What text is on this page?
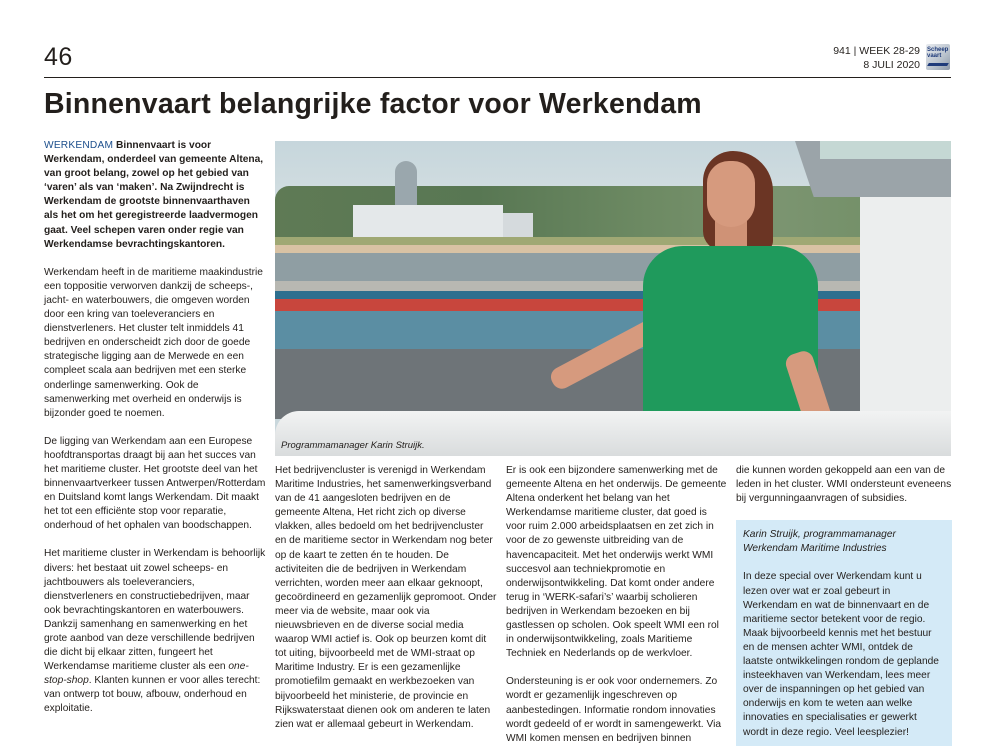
46	941 | WEEK 28-29
8 JULI 2020
Scheep vaart
Binnenvaart belangrijke factor voor Werkendam

WERKENDAM Binnenvaart is voor Werkendam, onderdeel van gemeente Altena, van groot belang, zowel op het gebied van ‘varen’ als van ‘maken’. Na Zwijndrecht is Werkendam de grootste binnenvaarthaven als het om het geregistreerde laadvermogen gaat. Veel schepen varen onder regie van Werkendamse bevrachtingskantoren.

Werkendam heeft in de maritieme maakindustrie een toppositie verworven dankzij de scheeps-, jacht- en waterbouwers, die omgeven worden door een kring van toeleveranciers en dienstverleners. Het cluster telt inmiddels 41 bedrijven en onderscheidt zich door de goede strategische ligging aan de Merwede en een compleet scala aan bedrijven met een sterke onderlinge samenwerking. Ook de samenwerking met overheid en onderwijs is bijzonder goed te noemen.

De ligging van Werkendam aan een Europese hoofdtransportas draagt bij aan het succes van het maritieme cluster. Het grootste deel van het binnenvaartverkeer tussen Antwerpen/Rotterdam en Duitsland komt langs Werkendam. Dit maakt het tot een efficiënte stop voor reparatie, onderhoud of het ophalen van boodschappen.

Het maritieme cluster in Werkendam is behoorlijk divers: het bestaat uit zowel scheeps- en jachtbouwers als toeleveranciers, dienstverleners en constructiebedrijven, maar ook bevrachtingskantoren en waterbouwers. Dankzij samenhang en samenwerking en het grote aanbod van deze verschillende bedrijven die dicht bij elkaar zitten, fungeert het Werkendamse maritieme cluster als een one-stop-shop. Klanten kunnen er voor alles terecht: van ontwerp tot bouw, afbouw, onderhoud en exploitatie.

Programmamanager Karin Struijk.

Het bedrijvencluster is verenigd in Werkendam Maritime Industries, het samenwerkingsverband van de 41 aangesloten bedrijven en de gemeente Altena, Het richt zich op diverse vlakken, alles bedoeld om het bedrijvencluster en de maritieme sector in Werkendam nog beter op de kaart te zetten én te houden. De activiteiten die de bedrijven in Werkendam verrichten, worden meer aan elkaar geknoopt, gecoördineerd en gezamenlijk gepromoot. Onder meer via de website, maar ook via nieuwsbrieven en de diverse social media waarop WMI actief is. Ook op beurzen komt dit tot uiting, bijvoorbeeld met de WMI-straat op Maritime Industry. Er is een gezamenlijke promotiefilm gemaakt en werkbezoeken van bijvoorbeeld het ministerie, de provincie en Rijkswaterstaat dienen ook om anderen te laten zien wat er allemaal gebeurt in Werkendam.

Er is ook een bijzondere samenwerking met de gemeente Altena en het onderwijs. De gemeente Altena onderkent het belang van het Werkendamse maritieme cluster, dat goed is voor ruim 2.000 arbeidsplaatsen en zet zich in voor de zo gewenste uitbreiding van de havencapaciteit. Met het onderwijs werkt WMI succesvol aan techniekpromotie en onderwijsontwikkeling. Dat komt onder andere terug in ‘WERK-safari’s’ waarbij scholieren bedrijven in Werkendam bezoeken en bij gastlessen op scholen. Ook speelt WMI een rol in onderwijsontwikkeling, zoals Maritieme Techniek en Nederlands op de werkvloer.

Ondersteuning is er ook voor ondernemers. Zo wordt er gezamenlijk ingeschreven op aanbestedingen. Informatie rondom innovaties wordt gedeeld of er wordt in samengewerkt. Via WMI komen mensen en bedrijven binnen

die kunnen worden gekoppeld aan een van de leden in het cluster. WMI ondersteunt eveneens bij vergunningaanvragen of subsidies.

Karin Struijk, programmamanager Werkendam Maritime Industries
In deze special over Werkendam kunt u lezen over wat er zoal gebeurt in Werkendam en wat de binnenvaart en de maritieme sector betekent voor de regio. Maak bijvoorbeeld kennis met het bestuur en de mensen achter WMI, ontdek de laatste ontwikkelingen rondom de geplande insteekhaven van Werkendam, lees meer over de inspanningen op het gebied van onderwijs en kom te weten aan welke innovaties en specialisaties er gewerkt wordt in deze regio. Veel leesplezier!
